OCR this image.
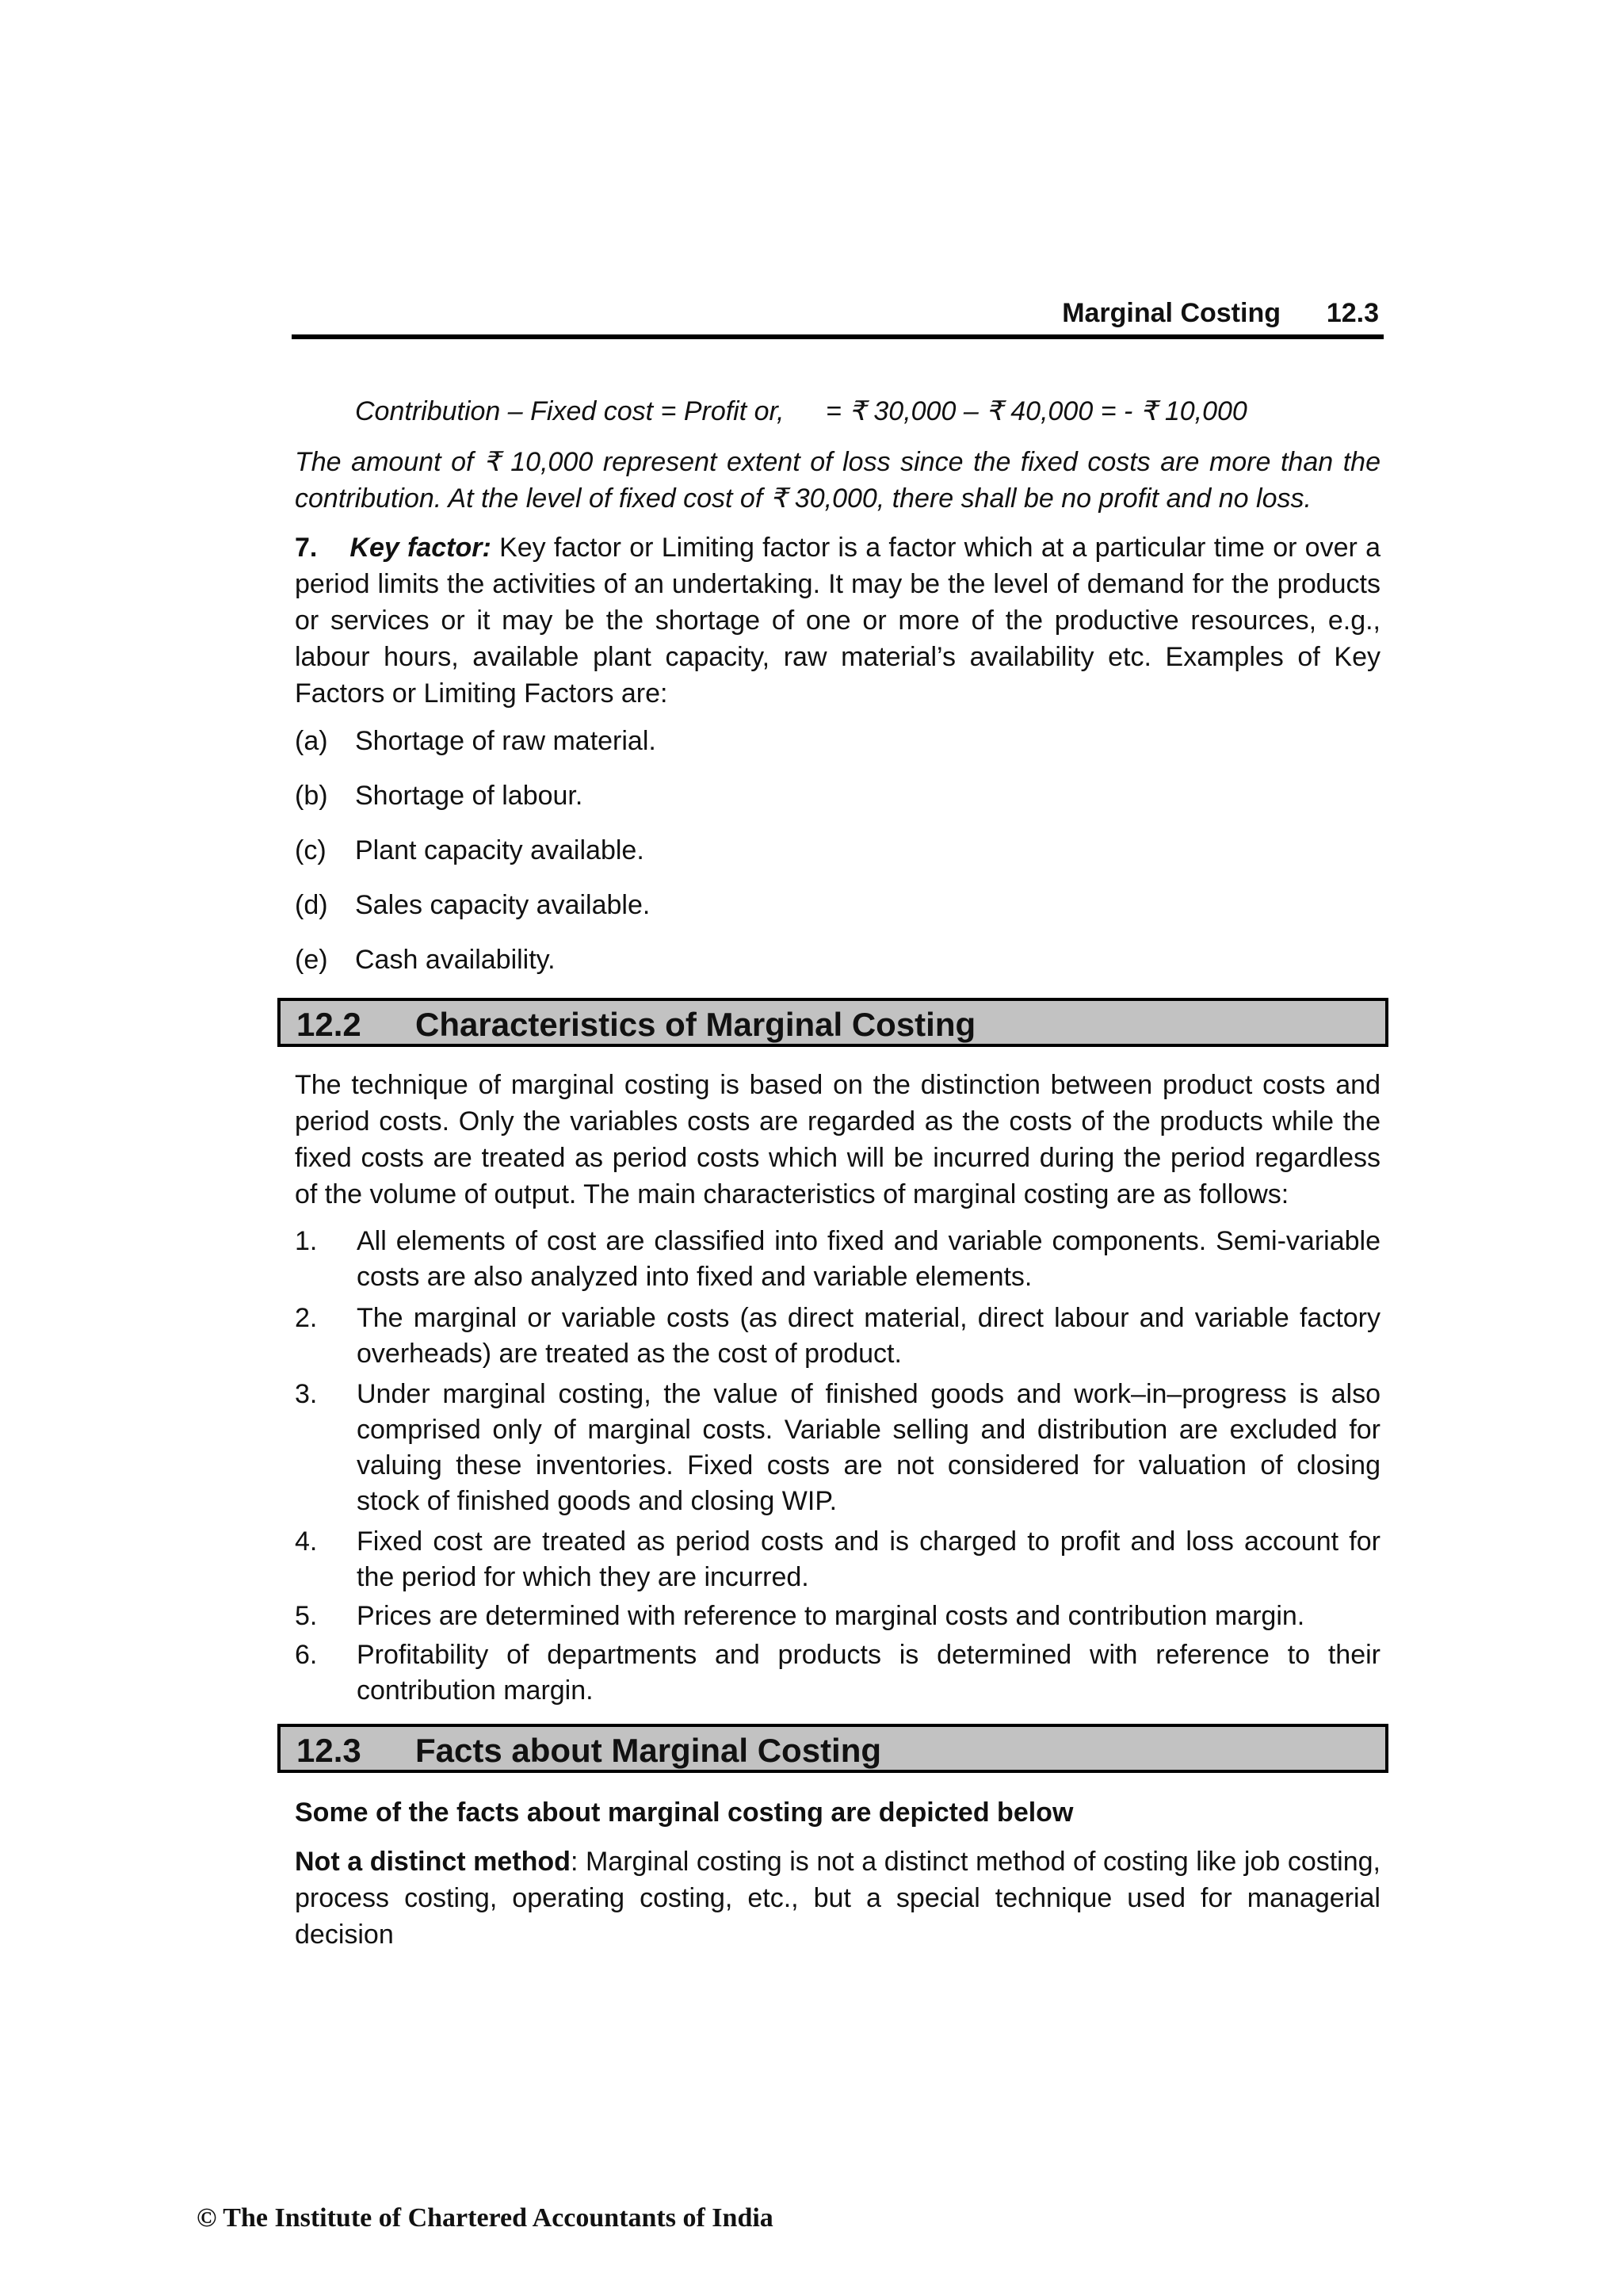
Marginal Costing 12.3
Contribution – Fixed cost = Profit or, = ₹ 30,000 – ₹ 40,000 = - ₹ 10,000
The amount of ₹ 10,000 represent extent of loss since the fixed costs are more than the contribution. At the level of fixed cost of ₹ 30,000, there shall be no profit and no loss.
7. Key factor: Key factor or Limiting factor is a factor which at a particular time or over a period limits the activities of an undertaking. It may be the level of demand for the products or services or it may be the shortage of one or more of the productive resources, e.g., labour hours, available plant capacity, raw material’s availability etc. Examples of Key Factors or Limiting Factors are:
(a) Shortage of raw material.
(b) Shortage of labour.
(c) Plant capacity available.
(d) Sales capacity available.
(e) Cash availability.
The technique of marginal costing is based on the distinction between product costs and period costs. Only the variables costs are regarded as the costs of the products while the fixed costs are treated as period costs which will be incurred during the period regardless of the volume of output. The main characteristics of marginal costing are as follows:
1. All elements of cost are classified into fixed and variable components. Semi-variable costs are also analyzed into fixed and variable elements.
2. The marginal or variable costs (as direct material, direct labour and variable factory overheads) are treated as the cost of product.
3. Under marginal costing, the value of finished goods and work–in–progress is also comprised only of marginal costs. Variable selling and distribution are excluded for valuing these inventories. Fixed costs are not considered for valuation of closing stock of finished goods and closing WIP.
4. Fixed cost are treated as period costs and is charged to profit and loss account for the period for which they are incurred.
5. Prices are determined with reference to marginal costs and contribution margin.
6. Profitability of departments and products is determined with reference to their contribution margin.
Some of the facts about marginal costing are depicted below
Not a distinct method: Marginal costing is not a distinct method of costing like job costing, process costing, operating costing, etc., but a special technique used for managerial decision
12.2 Characteristics of Marginal Costing
12.3 Facts about Marginal Costing
© The Institute of Chartered Accountants of India
